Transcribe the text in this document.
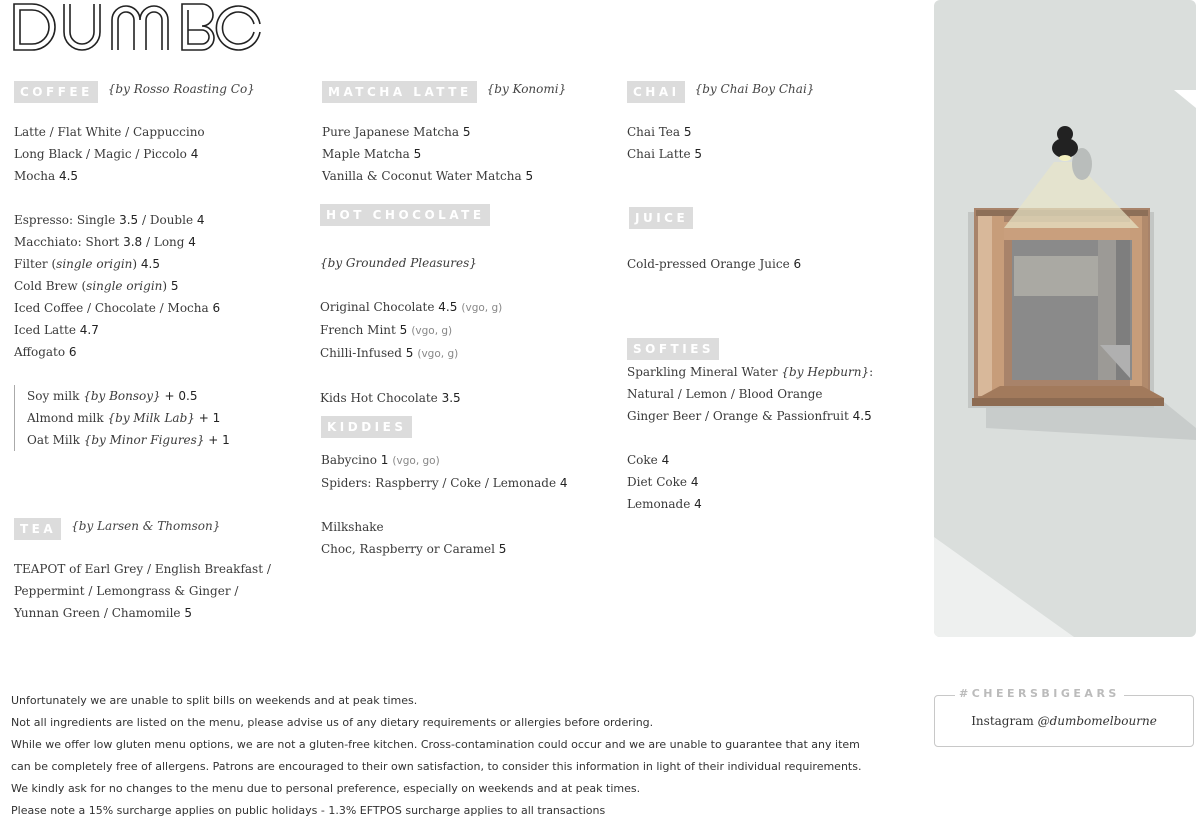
COFFEE	{by Rosso Roasting Co}
Latte / Flat White / Cappuccino
Long Black / Magic / Piccolo 4
Mocha 4.5
Espresso: Single 3.5 / Double 4
Macchiato: Short 3.8 / Long 4
Filter (single origin) 4.5
Cold Brew (single origin) 5
Iced Coffee / Chocolate / Mocha 6
Iced Latte 4.7
Affogato 6
Soy milk {by Bonsoy} + 0.5
Almond milk {by Milk Lab} + 1
Oat Milk {by Minor Figures} + 1
TEA	{by Larsen & Thomson}
TEAPOT of Earl Grey / English Breakfast /
Peppermint / Lemongrass & Ginger /
Yunnan Green / Chamomile 5
MATCHA LATTE	{by Konomi}
Pure Japanese Matcha 5
Maple Matcha 5
Vanilla & Coconut Water Matcha 5
HOT CHOCOLATE
{by Grounded Pleasures}
Original Chocolate 4.5 (vgo, g)
French Mint 5 (vgo, g)
Chilli-Infused 5 (vgo, g)
Kids Hot Chocolate 3.5
KIDDIES
Babycino 1 (vgo, go)
Spiders: Raspberry / Coke / Lemonade 4
Milkshake
Choc, Raspberry or Caramel 5
CHAI	{by Chai Boy Chai}
Chai Tea 5
Chai Latte 5
JUICE
Cold-pressed Orange Juice 6
SOFTIES
Sparkling Mineral Water {by Hepburn}:
Natural / Lemon / Blood Orange
Ginger Beer / Orange & Passionfruit 4.5
Coke 4
Diet Coke 4
Lemonade 4
Unfortunately we are unable to split bills on weekends and at peak times.
Not all ingredients are listed on the menu, please advise us of any dietary requirements or allergies before ordering.
While we offer low gluten menu options, we are not a gluten-free kitchen. Cross-contamination could occur and we are unable to guarantee that any item
can be completely free of allergens. Patrons are encouraged to their own satisfaction, to consider this information in light of their individual requirements.
We kindly ask for no changes to the menu due to personal preference, especially on weekends and at peak times.
Please note a 15% surcharge applies on public holidays - 1.3% EFTPOS surcharge applies to all transactions
#CHEERSBIGEARS
Instagram @dumbomelbourne
